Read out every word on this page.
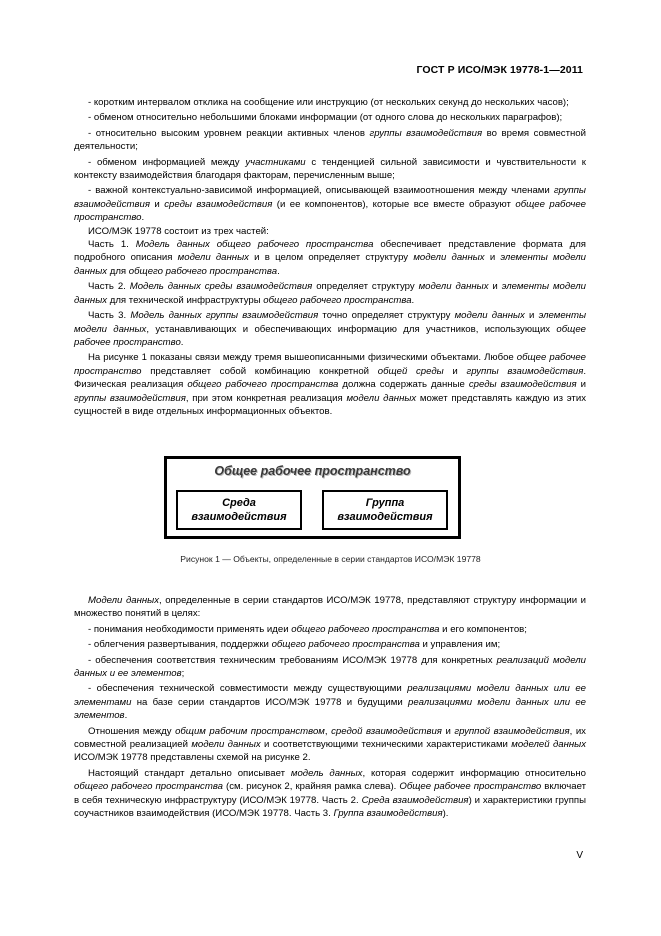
ГОСТ Р ИСО/МЭК 19778-1—2011

- коротким интервалом отклика на сообщение или инструкцию (от нескольких секунд до нескольких часов);

- обменом относительно небольшими блоками информации (от одного слова до нескольких параграфов);

- относительно высоким уровнем реакции активных членов группы взаимодействия во время совместной деятельности;

- обменом информацией между участниками с тенденцией сильной зависимости и чувствительности к контексту взаимодействия благодаря факторам, перечисленным выше;

- важной контекстуально-зависимой информацией, описывающей взаимоотношения между членами группы взаимодействия и среды взаимодействия (и ее компонентов), которые все вместе образуют общее рабочее пространство.

ИСО/МЭК 19778 состоит из трех частей:

Часть 1. Модель данных общего рабочего пространства обеспечивает представление формата для подробного описания модели данных и в целом определяет структуру модели данных и элементы модели данных для общего рабочего пространства.

Часть 2. Модель данных среды взаимодействия определяет структуру модели данных и элементы модели данных для технической инфраструктуры общего рабочего пространства.

Часть 3. Модель данных группы взаимодействия точно определяет структуру модели данных и элементы модели данных, устанавливающих и обеспечивающих информацию для участников, использующих общее рабочее пространство.

На рисунке 1 показаны связи между тремя вышеописанными физическими объектами. Любое общее рабочее пространство представляет собой комбинацию конкретной общей среды и группы взаимодействия. Физическая реализация общего рабочего пространства должна содержать данные среды взаимодействия и группы взаимодействия, при этом конкретная реализация модели данных может представлять каждую из этих сущностей в виде отдельных информационных объектов.

Общее рабочее пространство
Среда
взаимодействия
Группа
взаимодействия
Рисунок 1 — Объекты, определенные в серии стандартов ИСО/МЭК 19778

Модели данных, определенные в серии стандартов ИСО/МЭК 19778, представляют структуру информации и множество понятий в целях:

- понимания необходимости применять идеи общего рабочего пространства и его компонентов;

- облегчения развертывания, поддержки общего рабочего пространства и управления им;

- обеспечения соответствия техническим требованиям ИСО/МЭК 19778 для конкретных реализаций модели данных и ее элементов;

- обеспечения технической совместимости между существующими реализациями модели данных или ее элементами на базе серии стандартов ИСО/МЭК 19778 и будущими реализациями модели данных или ее элементов.

Отношения между общим рабочим пространством, средой взаимодействия и группой взаимодействия, их совместной реализацией модели данных и соответствующими техническими характеристиками моделей данных ИСО/МЭК 19778 представлены схемой на рисунке 2.

Настоящий стандарт детально описывает модель данных, которая содержит информацию относительно общего рабочего пространства (см. рисунок 2, крайняя рамка слева). Общее рабочее пространство включает в себя техническую инфраструктуру (ИСО/МЭК 19778. Часть 2. Среда взаимодействия) и характеристики группы соучастников взаимодействия (ИСО/МЭК 19778. Часть 3. Группа взаимодействия).

V
